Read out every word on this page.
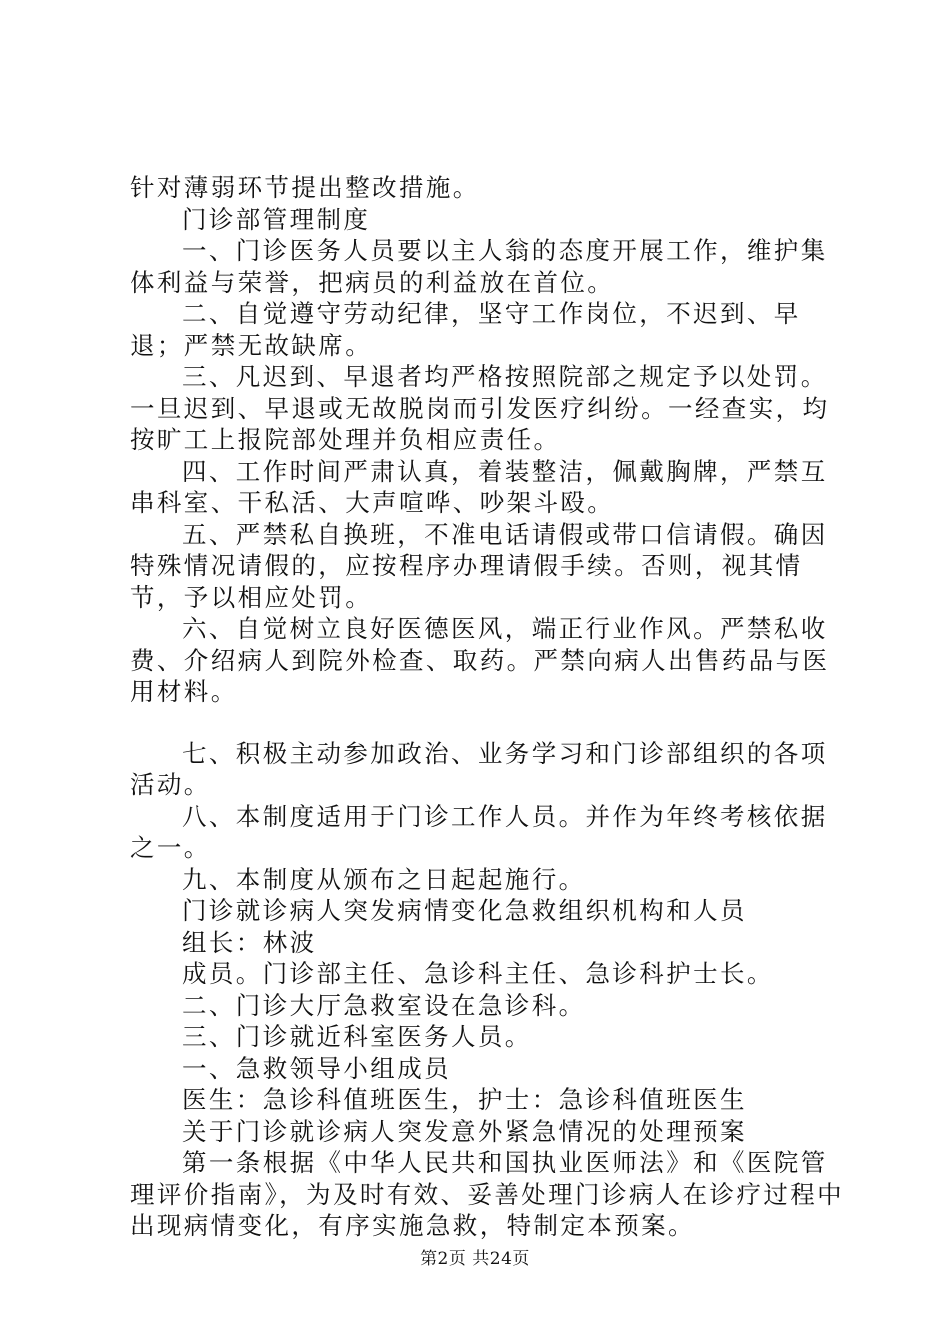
针对薄弱环节提出整改措施。

门诊部管理制度

一、门诊医务人员要以主人翁的态度开展工作，维护集体利益与荣誉，把病员的利益放在首位。

二、自觉遵守劳动纪律，坚守工作岗位，不迟到、早退；严禁无故缺席。

三、凡迟到、早退者均严格按照院部之规定予以处罚。一旦迟到、早退或无故脱岗而引发医疗纠纷。一经查实，均按旷工上报院部处理并负相应责任。

四、工作时间严肃认真，着装整洁，佩戴胸牌，严禁互串科室、干私活、大声喧哗、吵架斗殴。

五、严禁私自换班，不准电话请假或带口信请假。确因特殊情况请假的，应按程序办理请假手续。否则，视其情节，予以相应处罚。

六、自觉树立良好医德医风，端正行业作风。严禁私收费、介绍病人到院外检查、取药。严禁向病人出售药品与医用材料。

七、积极主动参加政治、业务学习和门诊部组织的各项活动。

八、本制度适用于门诊工作人员。并作为年终考核依据之一。

九、本制度从颁布之日起起施行。

门诊就诊病人突发病情变化急救组织机构和人员

组长：林波

成员。门诊部主任、急诊科主任、急诊科护士长。

二、门诊大厅急救室设在急诊科。

三、门诊就近科室医务人员。

一、急救领导小组成员

医生：急诊科值班医生，护士：急诊科值班医生

关于门诊就诊病人突发意外紧急情况的处理预案

第一条根据《中华人民共和国执业医师法》和《医院管理评价指南》，为及时有效、妥善处理门诊病人在诊疗过程中出现病情变化，有序实施急救，特制定本预案。

第2页 共24页
